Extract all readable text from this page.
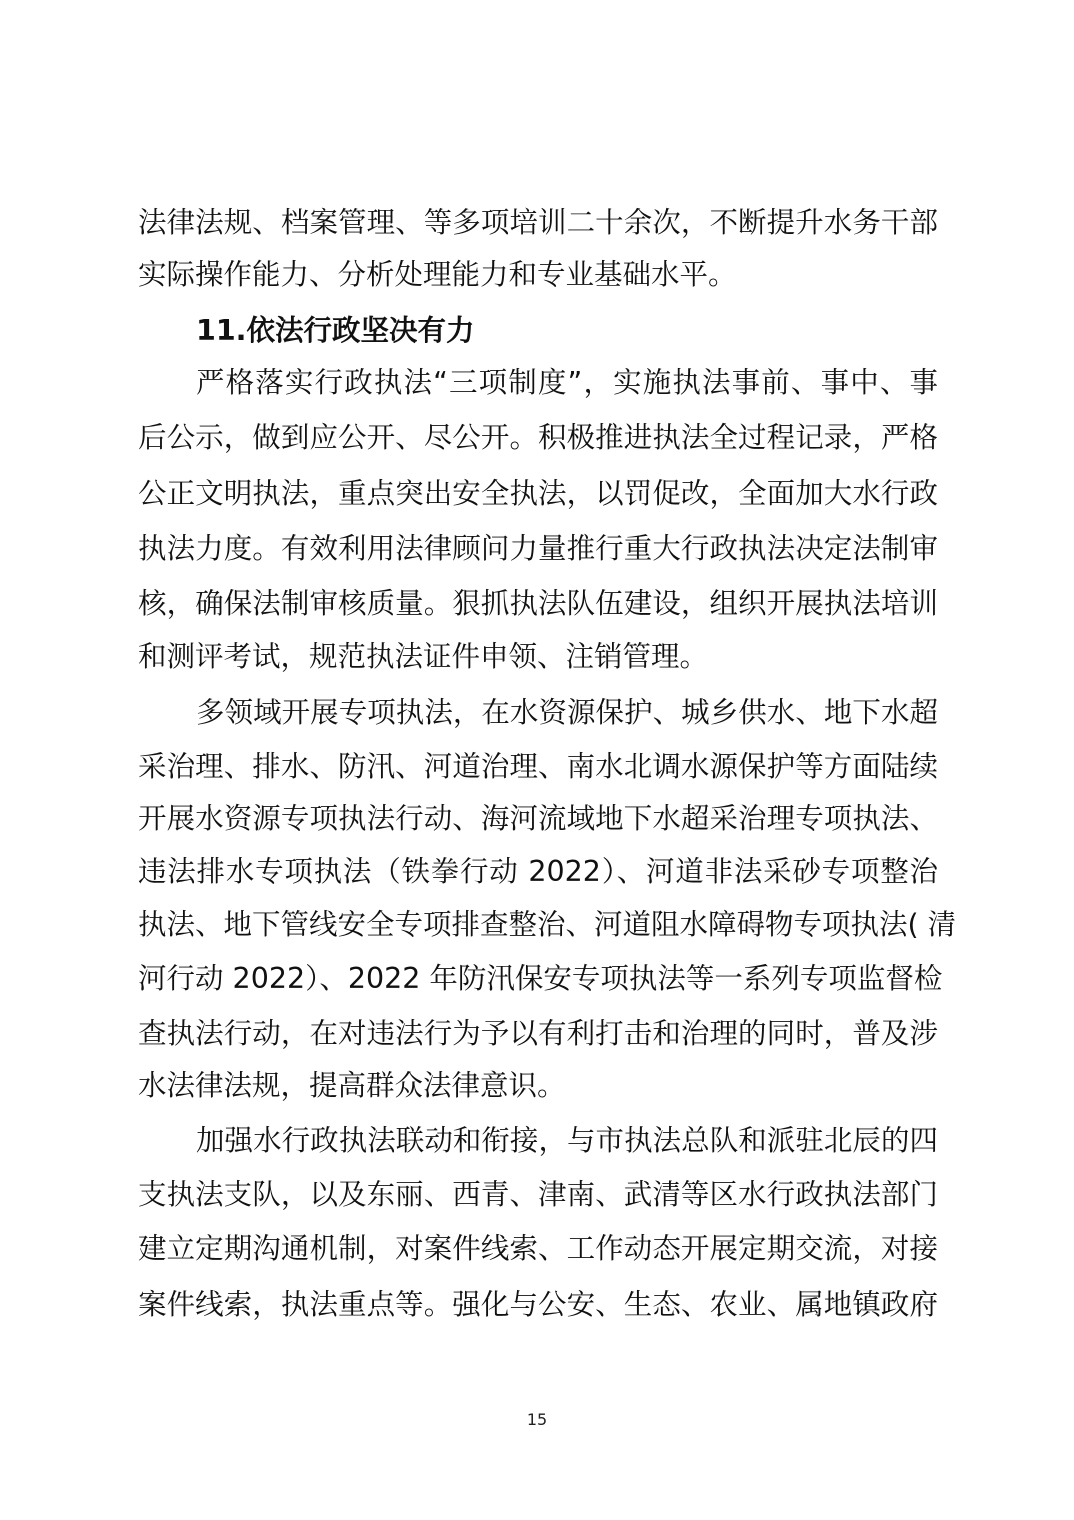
法律法规、档案管理、等多项培训二十余次，不断提升水务干部
实际操作能力、分析处理能力和专业基础水平。
11.依法行政坚决有力
严格落实行政执法“三项制度”，实施执法事前、事中、事
后公示，做到应公开、尽公开。积极推进执法全过程记录，严格
公正文明执法，重点突出安全执法，以罚促改，全面加大水行政
执法力度。有效利用法律顾问力量推行重大行政执法决定法制审
核，确保法制审核质量。狠抓执法队伍建设，组织开展执法培训
和测评考试，规范执法证件申领、注销管理。
多领域开展专项执法，在水资源保护、城乡供水、地下水超
采治理、排水、防汛、河道治理、南水北调水源保护等方面陆续
开展水资源专项执法行动、海河流域地下水超采治理专项执法、
违法排水专项执法（铁拳行动 2022）、河道非法采砂专项整治
执法、地下管线安全专项排查整治、河道阻水障碍物专项执法( 清
河行动 2022）、2022 年防汛保安专项执法等一系列专项监督检
查执法行动，在对违法行为予以有利打击和治理的同时，普及涉
水法律法规，提高群众法律意识。
加强水行政执法联动和衔接，与市执法总队和派驻北辰的四
支执法支队，以及东丽、西青、津南、武清等区水行政执法部门
建立定期沟通机制，对案件线索、工作动态开展定期交流，对接
案件线索，执法重点等。强化与公安、生态、农业、属地镇政府
15
